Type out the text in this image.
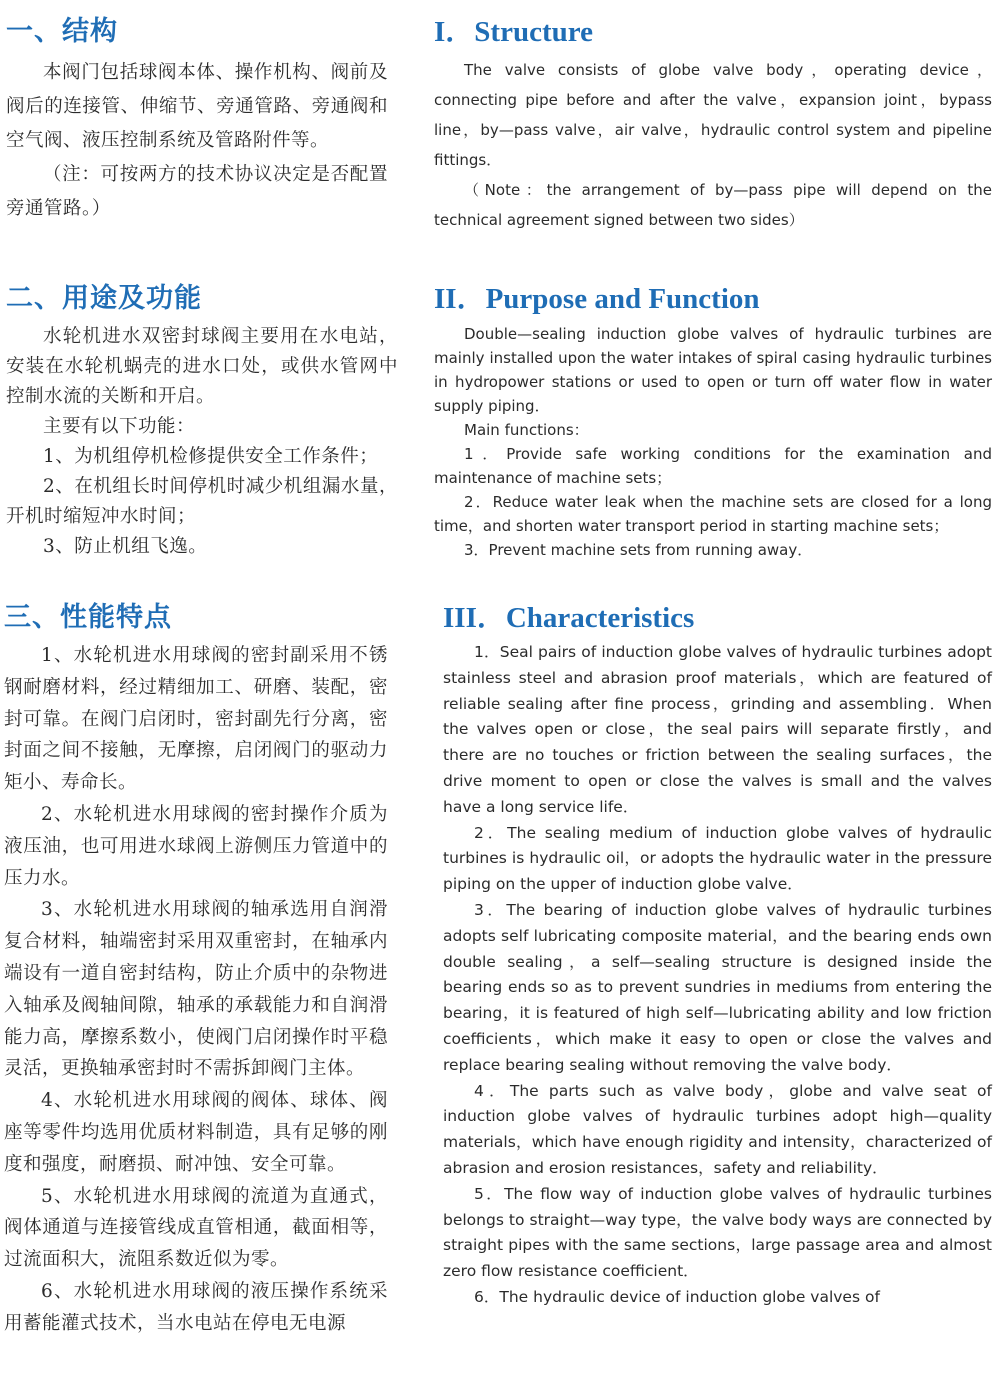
一、结构

本阀门包括球阀本体、操作机构、阀前及阀后的连接管、伸缩节、旁通管路、旁通阀和空气阀、液压控制系统及管路附件等。

（注：可按两方的技术协议决定是否配置旁通管路。）

I．Structure

The valve consists of globe valve body，operating device，connecting pipe before and after the valve，expansion joint，bypass line，by—pass valve，air valve，hydraulic control system and pipeline fittings．

（Note：the arrangement of by—pass pipe will depend on the technical agreement signed between two sides）

二、用途及功能

水轮机进水双密封球阀主要用在水电站，安装在水轮机蜗壳的进水口处，或供水管网中控制水流的关断和开启。

主要有以下功能：

1、为机组停机检修提供安全工作条件；

2、在机组长时间停机时减少机组漏水量，开机时缩短冲水时间；

3、防止机组飞逸。

II．Purpose and Function

Double—sealing induction globe valves of hydraulic turbines are mainly installed upon the water intakes of spiral casing hydraulic turbines in hydropower stations or used to open or turn off water flow in water supply piping．

Main functions：

1．Provide safe working conditions for the examination and maintenance of machine sets；

2．Reduce water leak when the machine sets are closed for a long time，and shorten water transport period in starting machine sets；

3．Prevent machine sets from running away．

三、性能特点

1、水轮机进水用球阀的密封副采用不锈钢耐磨材料，经过精细加工、研磨、装配，密封可靠。在阀门启闭时，密封副先行分离，密封面之间不接触，无摩擦，启闭阀门的驱动力矩小、寿命长。

2、水轮机进水用球阀的密封操作介质为液压油，也可用进水球阀上游侧压力管道中的压力水。

3、水轮机进水用球阀的轴承选用自润滑复合材料，轴端密封采用双重密封，在轴承内端设有一道自密封结构，防止介质中的杂物进入轴承及阀轴间隙，轴承的承载能力和自润滑能力高，摩擦系数小，使阀门启闭操作时平稳灵活，更换轴承密封时不需拆卸阀门主体。

4、水轮机进水用球阀的阀体、球体、阀座等零件均选用优质材料制造，具有足够的刚度和强度，耐磨损、耐冲蚀、安全可靠。

5、水轮机进水用球阀的流道为直通式，阀体通道与连接管线成直管相通，截面相等，过流面积大，流阻系数近似为零。

6、水轮机进水用球阀的液压操作系统采用蓄能灌式技术，当水电站在停电无电源

III．Characteristics

1．Seal pairs of induction globe valves of hydraulic turbines adopt stainless steel and abrasion proof materials，which are featured of reliable sealing after fine process，grinding and assembling．When the valves open or close，the seal pairs will separate firstly，and there are no touches or friction between the sealing surfaces，the drive moment to open or close the valves is small and the valves have a long service life．

2．The sealing medium of induction globe valves of hydraulic turbines is hydraulic oil，or adopts the hydraulic water in the pressure piping on the upper of induction globe valve．

3．The bearing of induction globe valves of hydraulic turbines adopts self lubricating composite material，and the bearing ends own double sealing，a self—sealing structure is designed inside the bearing ends so as to prevent sundries in mediums from entering the bearing，it is featured of high self—lubricating ability and low friction coefficients，which make it easy to open or close the valves and replace bearing sealing without removing the valve body．

4．The parts such as valve body，globe and valve seat of induction globe valves of hydraulic turbines adopt high—quality materials，which have enough rigidity and intensity，characterized of abrasion and erosion resistances，safety and reliability．

5．The flow way of induction globe valves of hydraulic turbines belongs to straight—way type，the valve body ways are connected by straight pipes with the same sections，large passage area and almost zero flow resistance coefficient．

6．The hydraulic device of induction globe valves of
